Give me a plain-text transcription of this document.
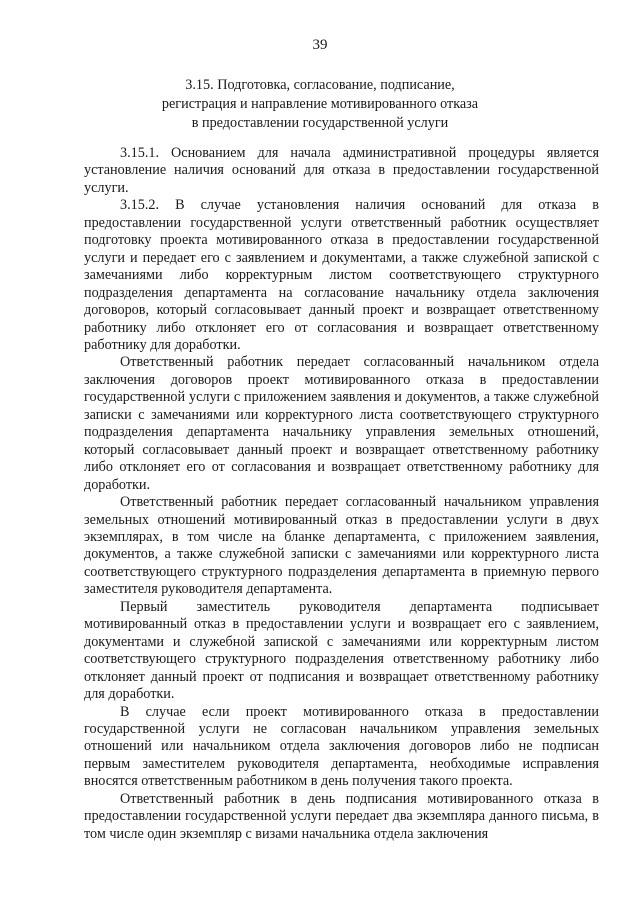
39
3.15. Подготовка, согласование, подписание,
регистрация и направление мотивированного отказа
в предоставлении государственной услуги

3.15.1. Основанием для начала административной процедуры является установление наличия оснований для отказа в предоставлении государственной услуги.

3.15.2. В случае установления наличия оснований для отказа в предоставлении государственной услуги ответственный работник осуществляет подготовку проекта мотивированного отказа в предоставлении государственной услуги и передает его с заявлением и документами, а также служебной запиской с замечаниями либо корректурным листом соответствующего структурного подразделения департамента на согласование начальнику отдела заключения договоров, который согласовывает данный проект и возвращает ответственному работнику либо отклоняет его от согласования и возвращает ответственному работнику для доработки.

Ответственный работник передает согласованный начальником отдела заключения договоров проект мотивированного отказа в предоставлении государственной услуги с приложением заявления и документов, а также служебной записки с замечаниями или корректурного листа соответствующего структурного подразделения департамента начальнику управления земельных отношений, который согласовывает данный проект и возвращает ответственному работнику либо отклоняет его от согласования и возвращает ответственному работнику для доработки.

Ответственный работник передает согласованный начальником управления земельных отношений мотивированный отказ в предоставлении услуги в двух экземплярах, в том числе на бланке департамента, с приложением заявления, документов, а также служебной записки с замечаниями или корректурного листа соответствующего структурного подразделения департамента в приемную первого заместителя руководителя департамента.

Первый заместитель руководителя департамента подписывает мотивированный отказ в предоставлении услуги и возвращает его с заявлением, документами и служебной запиской с замечаниями или корректурным листом соответствующего структурного подразделения ответственному работнику либо отклоняет данный проект от подписания и возвращает ответственному работнику для доработки.

В случае если проект мотивированного отказа в предоставлении государственной услуги не согласован начальником управления земельных отношений или начальником отдела заключения договоров либо не подписан первым заместителем руководителя департамента, необходимые исправления вносятся ответственным работником в день получения такого проекта.

Ответственный работник в день подписания мотивированного отказа в предоставлении государственной услуги передает два экземпляра данного письма, в том числе один экземпляр с визами начальника отдела заключения
